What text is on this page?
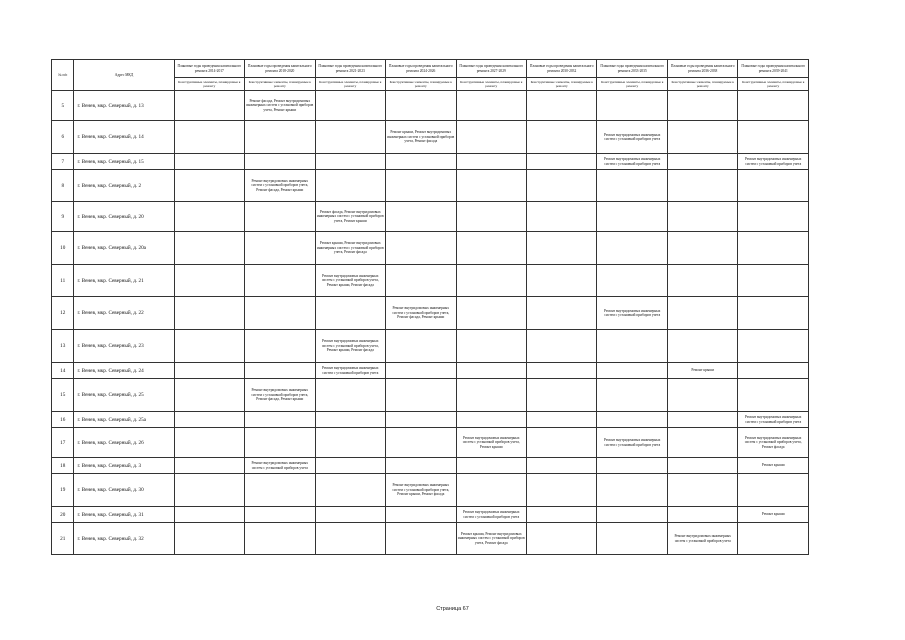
№ п/п	Адрес МКД	Плановые годы проведения капитального ремонта 2014-2017	Плановые годы проведения капитального ремонта 2018-2020	Плановые годы проведения капитального ремонта 2021-2023	Плановые годы проведения капитального ремонта 2024-2026	Плановые годы проведения капитального ремонта 2027-2029	Плановые годы проведения капитального ремонта 2030-2032	Плановые годы проведения капитального ремонта 2033-2035	Плановые годы проведения капитального ремонта 2036-2038	Плановые годы проведения капитального ремонта 2039-2041
		Конструктивные элементы, планируемые к ремонту	Конструктивные элементы, планируемые к ремонту	Конструктивные элементы, планируемые к ремонту	Конструктивные элементы, планируемые к ремонту	Конструктивные элементы, планируемые к ремонту	Конструктивные элементы, планируемые к ремонту	Конструктивные элементы, планируемые к ремонту	Конструктивные элементы, планируемые к ремонту	Конструктивные элементы, планируемые к ремонту
5	г. Венев, мкр. Северный, д. 13		Ремонт фасада, Ремонт внутридомовых инженерных систем с установкой приборов учета, Ремонт крыши							
6	г. Венев, мкр. Северный, д. 14				Ремонт крыши, Ремонт внутридомовых инженерных систем с установкой приборов учета, Ремонт фасада			Ремонт внутридомовых инженерных систем с установкой приборов учета		
7	г. Венев, мкр. Северный, д. 15							Ремонт внутридомовых инженерных систем с установкой приборов учета		Ремонт внутридомовых инженерных систем с установкой приборов учета
8	г. Венев, мкр. Северный, д. 2		Ремонт внутридомовых инженерных систем с установкой приборов учета, Ремонт фасада, Ремонт крыши							
9	г. Венев, мкр. Северный, д. 20			Ремонт фасада, Ремонт внутридомовых инженерных систем с установкой приборов учета, Ремонт крыши						
10	г. Венев, мкр. Северный, д. 20а			Ремонт крыши, Ремонт внутридомовых инженерных систем с установкой приборов учета, Ремонт фасада						
11	г. Венев, мкр. Северный, д. 21			Ремонт внутридомовых инженерных систем с установкой приборов учета, Ремонт крыши, Ремонт фасада						
12	г. Венев, мкр. Северный, д. 22				Ремонт внутридомовых инженерных систем с установкой приборов учета, Ремонт фасада, Ремонт крыши			Ремонт внутридомовых инженерных систем с установкой приборов учета		
13	г. Венев, мкр. Северный, д. 23			Ремонт внутридомовых инженерных систем с установкой приборов учета, Ремонт крыши, Ремонт фасада						
14	г. Венев, мкр. Северный, д. 24			Ремонт внутридомовых инженерных систем с установкой приборов учета					Ремонт крыши	
15	г. Венев, мкр. Северный, д. 25		Ремонт внутридомовых инженерных систем с установкой приборов учета, Ремонт фасада, Ремонт крыши							
16	г. Венев, мкр. Северный, д. 25а									Ремонт внутридомовых инженерных систем с установкой приборов учета
17	г. Венев, мкр. Северный, д. 26					Ремонт внутридомовых инженерных систем с установкой приборов учета, Ремонт крыши		Ремонт внутридомовых инженерных систем с установкой приборов учета		Ремонт внутридомовых инженерных систем с установкой приборов учета, Ремонт фасада
18	г. Венев, мкр. Северный, д. 3		Ремонт внутридомовых инженерных систем с установкой приборов учета							Ремонт крыши
19	г. Венев, мкр. Северный, д. 30				Ремонт внутридомовых инженерных систем с установкой приборов учета, Ремонт крыши, Ремонт фасада					
20	г. Венев, мкр. Северный, д. 31					Ремонт внутридомовых инженерных систем с установкой приборов учета				Ремонт крыши
21	г. Венев, мкр. Северный, д. 32					Ремонт крыши, Ремонт внутридомовых инженерных систем с установкой приборов учета, Ремонт фасада			Ремонт внутридомовых инженерных систем с установкой приборов учета	
Страница 67
